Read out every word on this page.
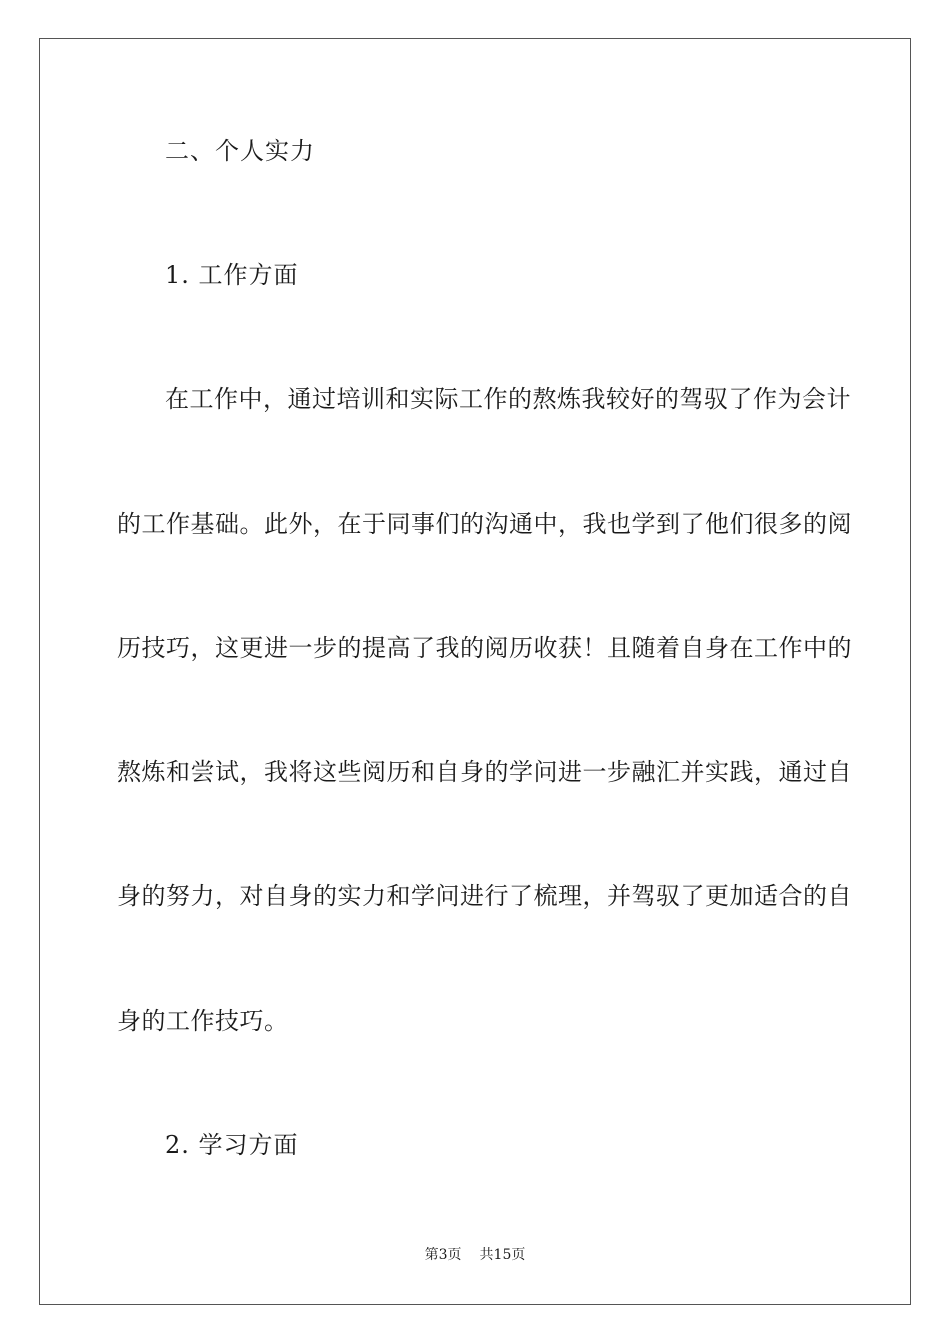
二、个人实力
1. 工作方面
在工作中，通过培训和实际工作的熬炼我较好的驾驭了作为会计
的工作基础。此外，在于同事们的沟通中，我也学到了他们很多的阅
历技巧，这更进一步的提高了我的阅历收获！且随着自身在工作中的
熬炼和尝试，我将这些阅历和自身的学问进一步融汇并实践，通过自
身的努力，对自身的实力和学问进行了梳理，并驾驭了更加适合的自
身的工作技巧。
2. 学习方面
第3页 共15页
